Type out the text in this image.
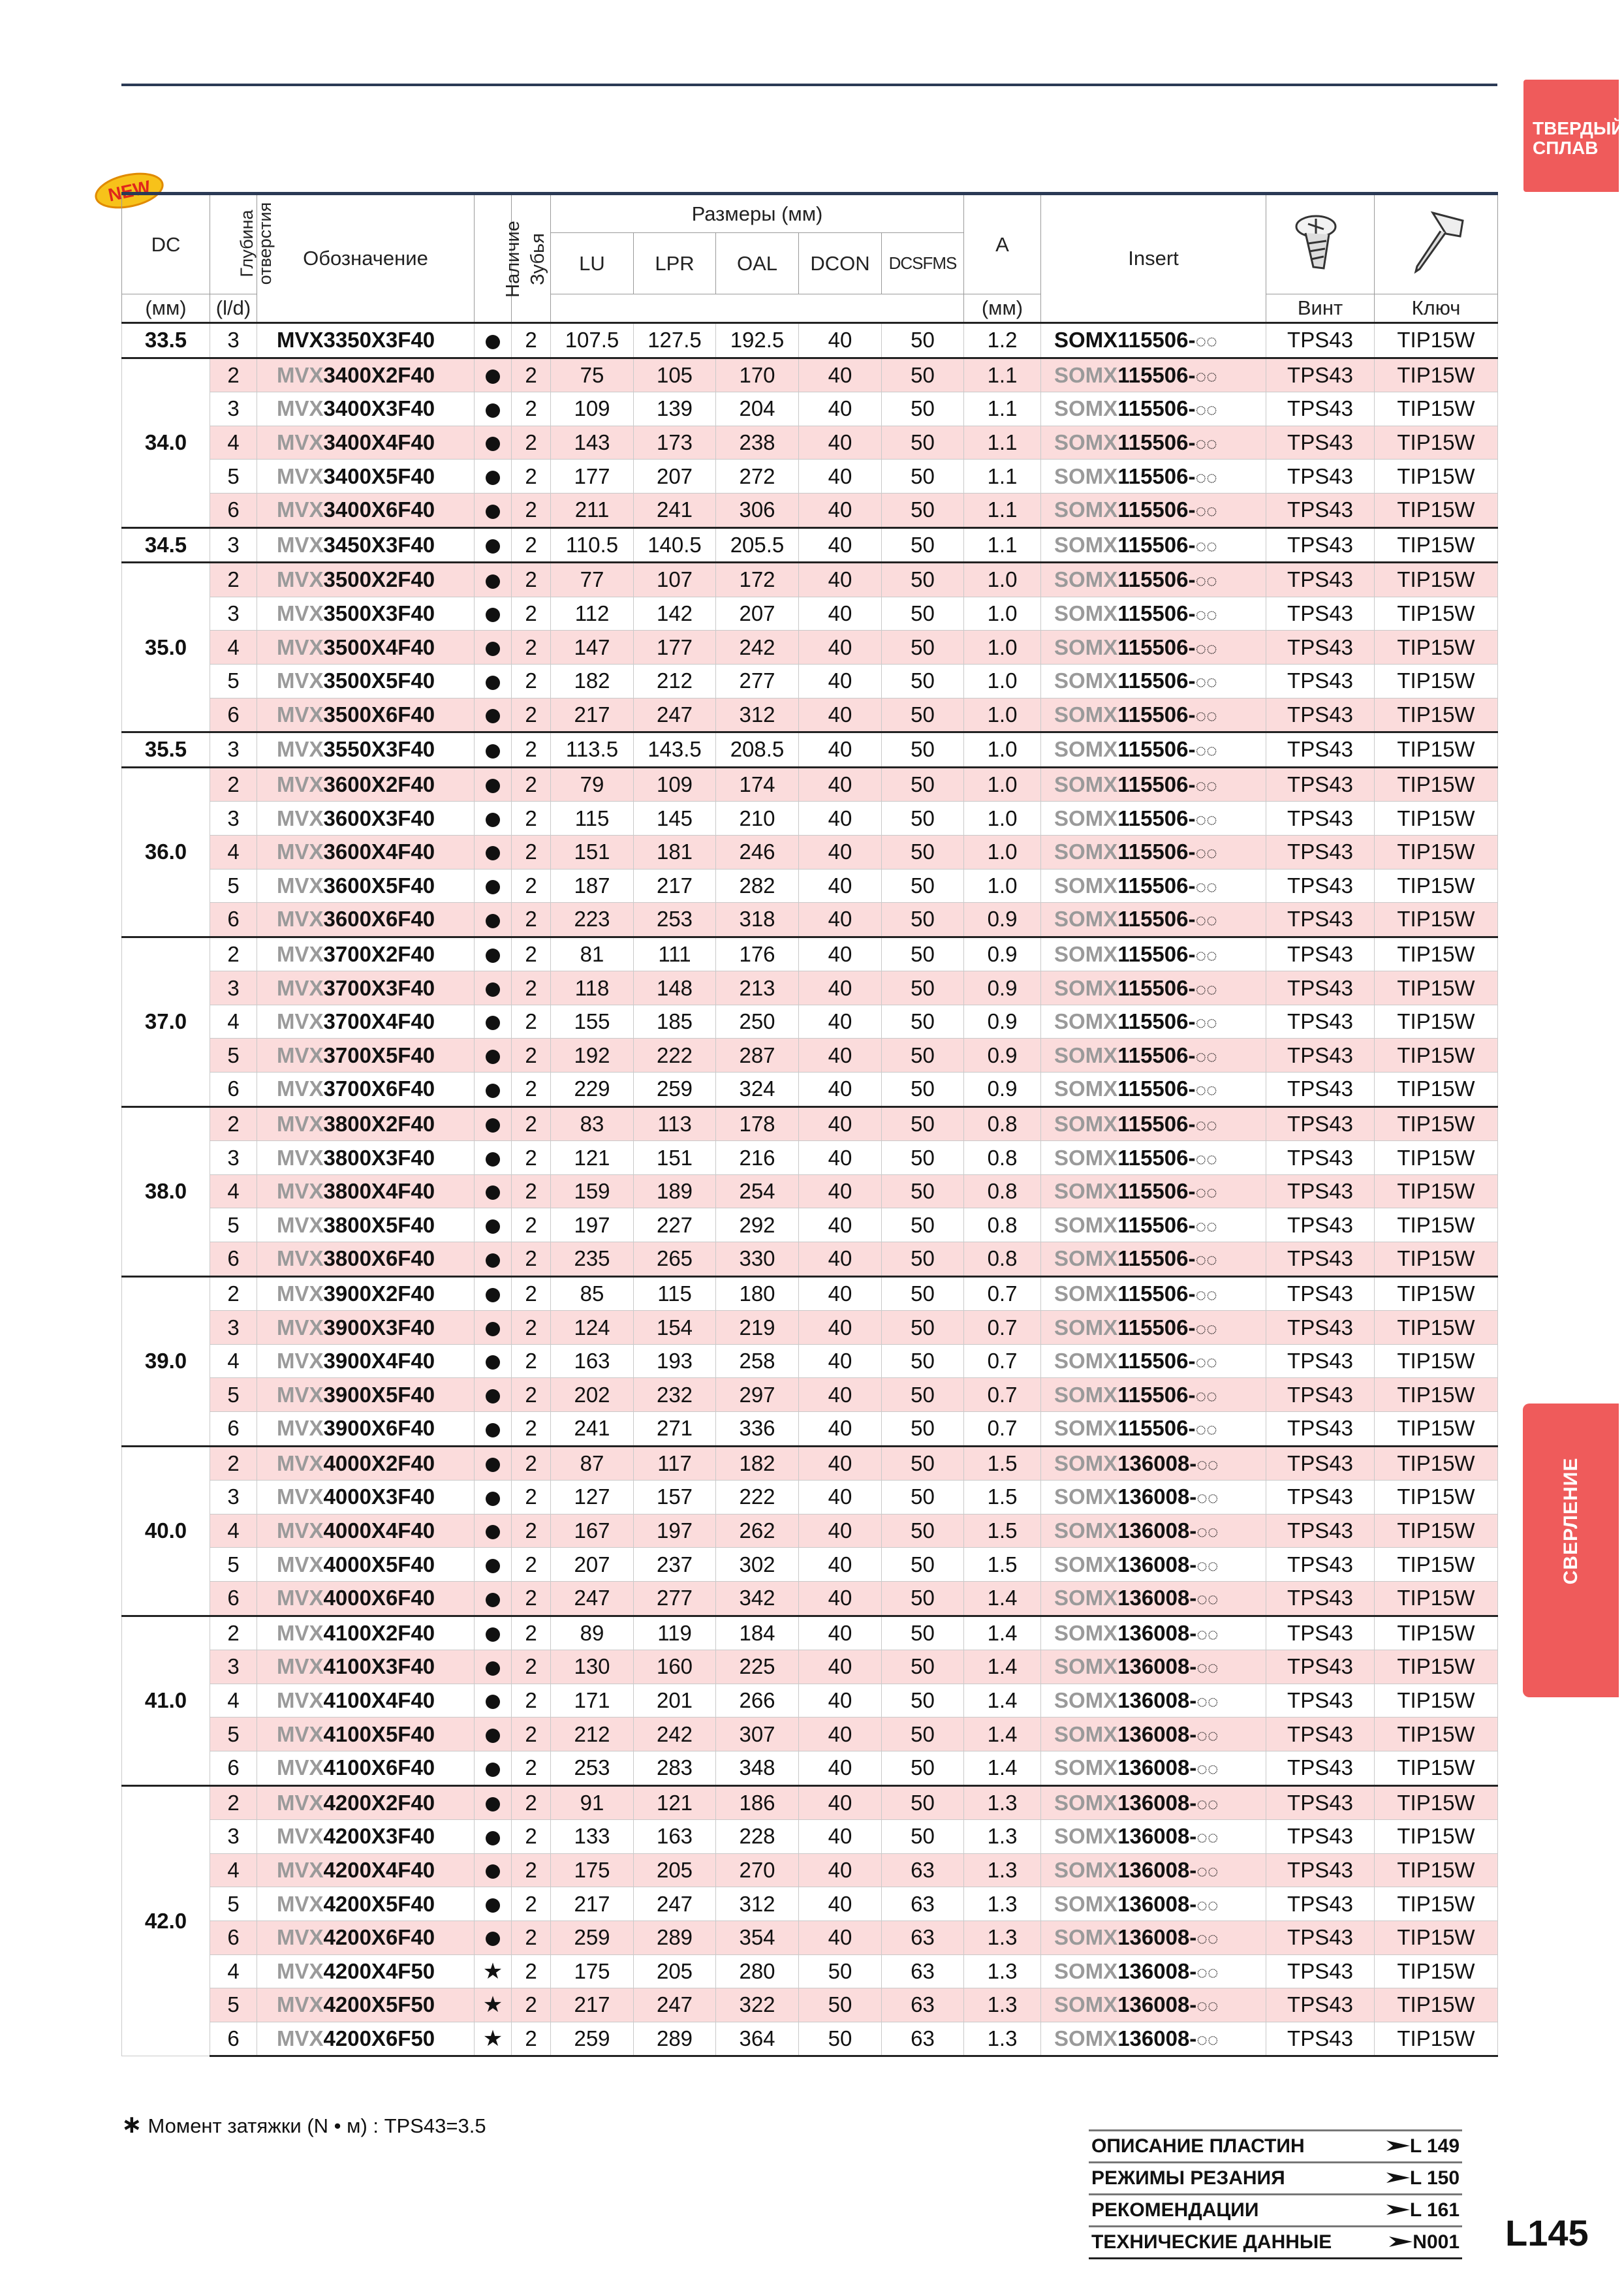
ТВЕРДЫЙ СПЛАВ
СВЕРЛЕНИЕ
NEW
DC	Глубина отверстия	Обозначение	Наличие	Зубья	Размеры (мм)					A	Insert		
					LU	LPR	OAL	DCON	DCSFMS				
(мм)	(l/d)									(мм)		Винт	Ключ
33.5	3	MVX3350X3F40		2	107.5	127.5	192.5	40	50	1.2	SOMX115506-◌◌	TPS43	TIP15W
34.0	2	MVX3400X2F40		2	75	105	170	40	50	1.1	SOMX115506-◌◌	TPS43	TIP15W
	3	MVX3400X3F40		2	109	139	204	40	50	1.1	SOMX115506-◌◌	TPS43	TIP15W
	4	MVX3400X4F40		2	143	173	238	40	50	1.1	SOMX115506-◌◌	TPS43	TIP15W
	5	MVX3400X5F40		2	177	207	272	40	50	1.1	SOMX115506-◌◌	TPS43	TIP15W
	6	MVX3400X6F40		2	211	241	306	40	50	1.1	SOMX115506-◌◌	TPS43	TIP15W
34.5	3	MVX3450X3F40		2	110.5	140.5	205.5	40	50	1.1	SOMX115506-◌◌	TPS43	TIP15W
35.0	2	MVX3500X2F40		2	77	107	172	40	50	1.0	SOMX115506-◌◌	TPS43	TIP15W
	3	MVX3500X3F40		2	112	142	207	40	50	1.0	SOMX115506-◌◌	TPS43	TIP15W
	4	MVX3500X4F40		2	147	177	242	40	50	1.0	SOMX115506-◌◌	TPS43	TIP15W
	5	MVX3500X5F40		2	182	212	277	40	50	1.0	SOMX115506-◌◌	TPS43	TIP15W
	6	MVX3500X6F40		2	217	247	312	40	50	1.0	SOMX115506-◌◌	TPS43	TIP15W
35.5	3	MVX3550X3F40		2	113.5	143.5	208.5	40	50	1.0	SOMX115506-◌◌	TPS43	TIP15W
36.0	2	MVX3600X2F40		2	79	109	174	40	50	1.0	SOMX115506-◌◌	TPS43	TIP15W
	3	MVX3600X3F40		2	115	145	210	40	50	1.0	SOMX115506-◌◌	TPS43	TIP15W
	4	MVX3600X4F40		2	151	181	246	40	50	1.0	SOMX115506-◌◌	TPS43	TIP15W
	5	MVX3600X5F40		2	187	217	282	40	50	1.0	SOMX115506-◌◌	TPS43	TIP15W
	6	MVX3600X6F40		2	223	253	318	40	50	0.9	SOMX115506-◌◌	TPS43	TIP15W
37.0	2	MVX3700X2F40		2	81	111	176	40	50	0.9	SOMX115506-◌◌	TPS43	TIP15W
	3	MVX3700X3F40		2	118	148	213	40	50	0.9	SOMX115506-◌◌	TPS43	TIP15W
	4	MVX3700X4F40		2	155	185	250	40	50	0.9	SOMX115506-◌◌	TPS43	TIP15W
	5	MVX3700X5F40		2	192	222	287	40	50	0.9	SOMX115506-◌◌	TPS43	TIP15W
	6	MVX3700X6F40		2	229	259	324	40	50	0.9	SOMX115506-◌◌	TPS43	TIP15W
38.0	2	MVX3800X2F40		2	83	113	178	40	50	0.8	SOMX115506-◌◌	TPS43	TIP15W
	3	MVX3800X3F40		2	121	151	216	40	50	0.8	SOMX115506-◌◌	TPS43	TIP15W
	4	MVX3800X4F40		2	159	189	254	40	50	0.8	SOMX115506-◌◌	TPS43	TIP15W
	5	MVX3800X5F40		2	197	227	292	40	50	0.8	SOMX115506-◌◌	TPS43	TIP15W
	6	MVX3800X6F40		2	235	265	330	40	50	0.8	SOMX115506-◌◌	TPS43	TIP15W
39.0	2	MVX3900X2F40		2	85	115	180	40	50	0.7	SOMX115506-◌◌	TPS43	TIP15W
	3	MVX3900X3F40		2	124	154	219	40	50	0.7	SOMX115506-◌◌	TPS43	TIP15W
	4	MVX3900X4F40		2	163	193	258	40	50	0.7	SOMX115506-◌◌	TPS43	TIP15W
	5	MVX3900X5F40		2	202	232	297	40	50	0.7	SOMX115506-◌◌	TPS43	TIP15W
	6	MVX3900X6F40		2	241	271	336	40	50	0.7	SOMX115506-◌◌	TPS43	TIP15W
40.0	2	MVX4000X2F40		2	87	117	182	40	50	1.5	SOMX136008-◌◌	TPS43	TIP15W
	3	MVX4000X3F40		2	127	157	222	40	50	1.5	SOMX136008-◌◌	TPS43	TIP15W
	4	MVX4000X4F40		2	167	197	262	40	50	1.5	SOMX136008-◌◌	TPS43	TIP15W
	5	MVX4000X5F40		2	207	237	302	40	50	1.5	SOMX136008-◌◌	TPS43	TIP15W
	6	MVX4000X6F40		2	247	277	342	40	50	1.4	SOMX136008-◌◌	TPS43	TIP15W
41.0	2	MVX4100X2F40		2	89	119	184	40	50	1.4	SOMX136008-◌◌	TPS43	TIP15W
	3	MVX4100X3F40		2	130	160	225	40	50	1.4	SOMX136008-◌◌	TPS43	TIP15W
	4	MVX4100X4F40		2	171	201	266	40	50	1.4	SOMX136008-◌◌	TPS43	TIP15W
	5	MVX4100X5F40		2	212	242	307	40	50	1.4	SOMX136008-◌◌	TPS43	TIP15W
	6	MVX4100X6F40		2	253	283	348	40	50	1.4	SOMX136008-◌◌	TPS43	TIP15W
42.0	2	MVX4200X2F40		2	91	121	186	40	50	1.3	SOMX136008-◌◌	TPS43	TIP15W
	3	MVX4200X3F40		2	133	163	228	40	50	1.3	SOMX136008-◌◌	TPS43	TIP15W
	4	MVX4200X4F40		2	175	205	270	40	63	1.3	SOMX136008-◌◌	TPS43	TIP15W
	5	MVX4200X5F40		2	217	247	312	40	63	1.3	SOMX136008-◌◌	TPS43	TIP15W
	6	MVX4200X6F40		2	259	289	354	40	63	1.3	SOMX136008-◌◌	TPS43	TIP15W
	4	MVX4200X4F50	★	2	175	205	280	50	63	1.3	SOMX136008-◌◌	TPS43	TIP15W
	5	MVX4200X5F50	★	2	217	247	322	50	63	1.3	SOMX136008-◌◌	TPS43	TIP15W
	6	MVX4200X6F50	★	2	259	289	364	50	63	1.3	SOMX136008-◌◌	TPS43	TIP15W
∗ Момент затяжки (N • м) : TPS43=3.5
ОПИСАНИЕ ПЛАСТИН	L 149
РЕЖИМЫ РЕЗАНИЯ	L 150
РЕКОМЕНДАЦИИ	L 161
ТЕХНИЧЕСКИЕ ДАННЫЕ	N001 L145
